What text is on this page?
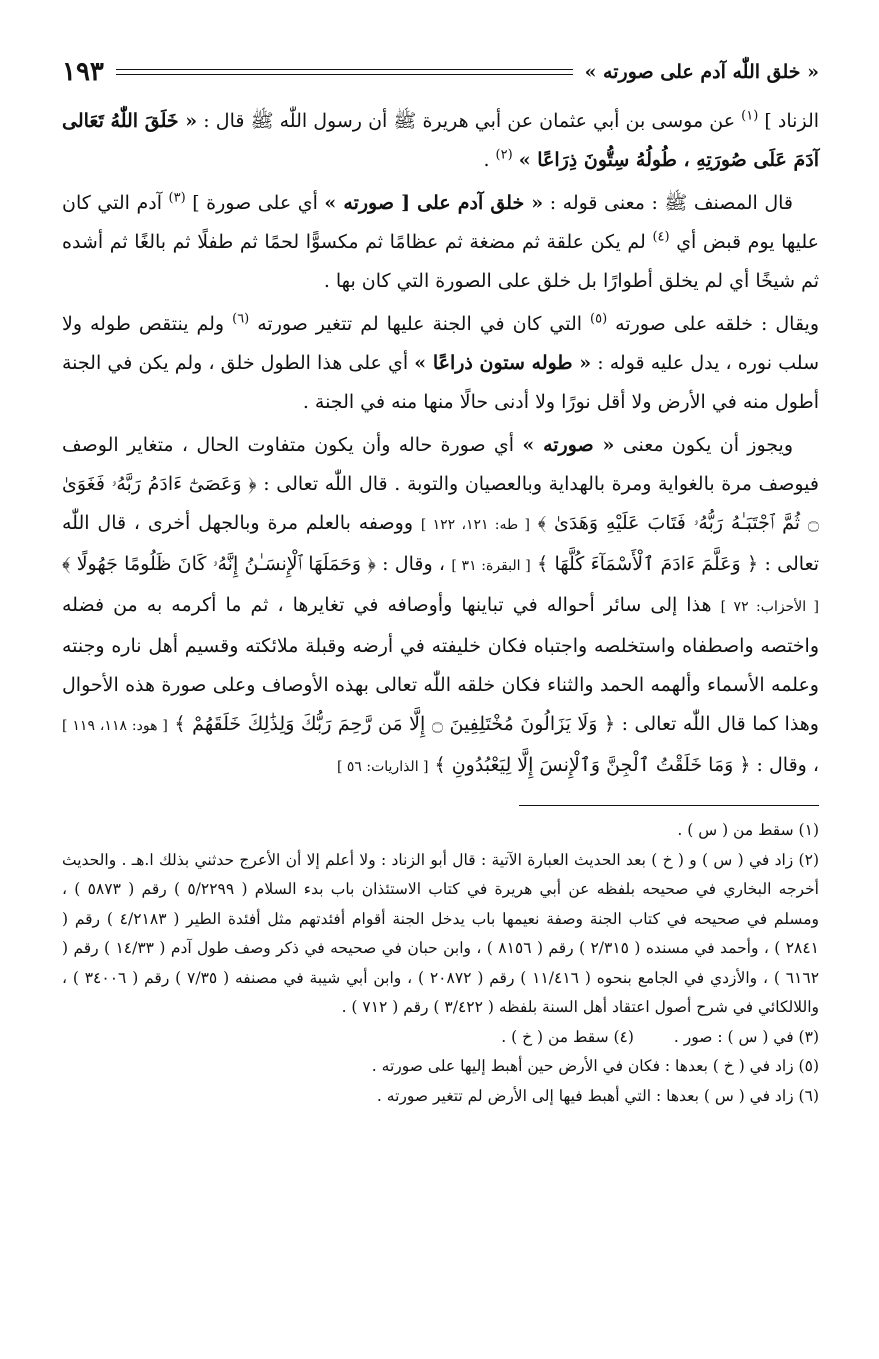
« خلق اللّٰه آدم على صورته »
١٩٣

الزناد ] $^{(١)}$ عن موسى بن أبي عثمان عن أبي هريرة ﷺ أن رسول اللّٰه ﷺ قال : « خَلَقَ اللّٰهُ تَعَالى آدَمَ عَلَى صُورَتِهِ ، طُولُهُ سِتُّونَ ذِرَاعًا » $^{(٢)}$ .

قال المصنف ﷺ : معنى قوله : « خلق آدم على [ صورته » أي على صورة ] $^{(٣)}$ آدم التي كان عليها يوم قبض أي $^{(٤)}$ لم يكن علقة ثم مضغة ثم عظامًا ثم مكسوًّا لحمًا ثم طفلًا ثم بالغًا ثم أشده ثم شيخًا أي لم يخلق أطوارًا بل خلق على الصورة التي كان بها .

ويقال : خلقه على صورته $^{(٥)}$ التي كان في الجنة عليها لم تتغير صورته $^{(٦)}$ ولم ينتقص طوله ولا سلب نوره ، يدل عليه قوله : « طوله ستون ذراعًا » أي على هذا الطول خلق ، ولم يكن في الجنة أطول منه في الأرض ولا أقل نورًا ولا أدنى حالًا منها منه في الجنة .

ويجوز أن يكون معنى « صورته » أي صورة حاله وأن يكون متفاوت الحال ، متغاير الوصف فيوصف مرة بالغواية ومرة بالهداية وبالعصيان والتوبة . قال اللّٰه تعالى : ﴿ وَعَصَىٰٓ ءَادَمُ رَبَّهُۥ فَغَوَىٰ ۝ ثُمَّ ٱجْتَبَـٰهُ رَبُّهُۥ فَتَابَ عَلَيْهِ وَهَدَىٰ ﴾ [ طه: ١٢١، ١٢٢ ] ووصفه بالعلم مرة وبالجهل أخرى ، قال اللّٰه تعالى : ﴿ وَعَلَّمَ ءَادَمَ ٱلْأَسْمَآءَ كُلَّهَا ﴾ [ البقرة: ٣١ ] ، وقال : ﴿ وَحَمَلَهَا ٱلْإِنسَـٰنُ إِنَّهُۥ كَانَ ظَلُومًا جَهُولًا ﴾ [ الأحزاب: ٧٢ ] هذا إلى سائر أحواله في تباينها وأوصافه في تغايرها ، ثم ما أكرمه به من فضله واختصه واصطفاه واستخلصه واجتباه فكان خليفته في أرضه وقبلة ملائكته وقسيم أهل ناره وجنته وعلمه الأسماء وألهمه الحمد والثناء فكان خلقه اللّٰه تعالى بهذه الأوصاف وعلى صورة هذه الأحوال وهذا كما قال اللّٰه تعالى : ﴿ وَلَا يَزَالُونَ مُخْتَلِفِينَ ۝ إِلَّا مَن رَّحِمَ رَبُّكَ وَلِذَٰلِكَ خَلَقَهُمْ ﴾ [ هود: ١١٨، ١١٩ ] ، وقال : ﴿ وَمَا خَلَقْتُ ٱلْجِنَّ وَٱلْإِنسَ إِلَّا لِيَعْبُدُونِ ﴾ [ الذاريات: ٥٦ ]

(١) سقط من ( س ) .
(٢) زاد في ( س ) و ( خ ) بعد الحديث العبارة الآتية : قال أبو الزناد : ولا أعلم إلا أن الأعرج حدثني بذلك ا.هـ . والحديث أخرجه البخاري في صحيحه بلفظه عن أبي هريرة في كتاب الاستئذان باب بدء السلام ( ٥/٢٢٩٩ ) رقم ( ٥٨٧٣ ) ، ومسلم في صحيحه في كتاب الجنة وصفة نعيمها باب يدخل الجنة أقوام أفئدتهم مثل أفئدة الطير ( ٤/٢١٨٣ ) رقم ( ٢٨٤١ ) ، وأحمد في مسنده ( ٢/٣١٥ ) رقم ( ٨١٥٦ ) ، وابن حبان في صحيحه في ذكر وصف طول آدم ( ١٤/٣٣ ) رقم ( ٦١٦٢ ) ، والأزدي في الجامع بنحوه ( ١١/٤١٦ ) رقم ( ٢٠٨٧٢ ) ، وابن أبي شيبة في مصنفه ( ٧/٣٥ ) رقم ( ٣٤٠٠٦ ) ، واللالكائي في شرح أصول اعتقاد أهل السنة بلفظه ( ٣/٤٢٢ ) رقم ( ٧١٢ ) .
(٣) في ( س ) : صور .
(٤) سقط من ( خ ) .
(٥) زاد في ( خ ) بعدها : فكان في الأرض حين أهبط إليها على صورته .
(٦) زاد في ( س ) بعدها : التي أهبط فيها إلى الأرض لم تتغير صورته .
